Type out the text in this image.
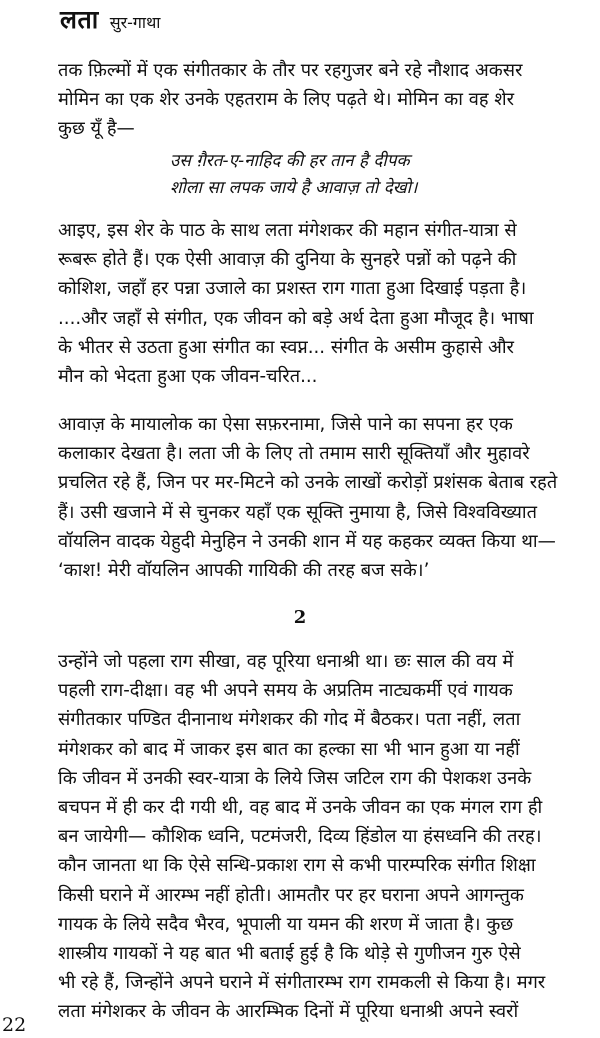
लता सुर-गाथा
तक फ़िल्मों में एक संगीतकार के तौर पर रहगुजर बने रहे नौशाद अकसर
मोमिन का एक शेर उनके एहतराम के लिए पढ़ते थे। मोमिन का वह शेर
कुछ यूँ है—
उस ग़ैरत-ए-नाहिद की हर तान है दीपक
शोला सा लपक जाये है आवाज़ तो देखो।
आइए, इस शेर के पाठ के साथ लता मंगेशकर की महान संगीत-यात्रा से
रूबरू होते हैं। एक ऐसी आवाज़ की दुनिया के सुनहरे पन्नों को पढ़ने की
कोशिश, जहाँ हर पन्ना उजाले का प्रशस्त राग गाता हुआ दिखाई पड़ता है।
....और जहाँ से संगीत, एक जीवन को बड़े अर्थ देता हुआ मौजूद है। भाषा
के भीतर से उठता हुआ संगीत का स्वप्न... संगीत के असीम कुहासे और
मौन को भेदता हुआ एक जीवन-चरित...
आवाज़ के मायालोक का ऐसा सफ़रनामा, जिसे पाने का सपना हर एक
कलाकार देखता है। लता जी के लिए तो तमाम सारी सूक्तियाँ और मुहावरे
प्रचलित रहे हैं, जिन पर मर-मिटने को उनके लाखों करोड़ों प्रशंसक बेताब रहते
हैं। उसी खजाने में से चुनकर यहाँ एक सूक्ति नुमाया है, जिसे विश्वविख्यात
वॉयलिन वादक येहुदी मेनुहिन ने उनकी शान में यह कहकर व्यक्त किया था—
‘काश! मेरी वॉयलिन आपकी गायिकी की तरह बज सके।’
2
उन्होंने जो पहला राग सीखा, वह पूरिया धनाश्री था। छः साल की वय में
पहली राग-दीक्षा। वह भी अपने समय के अप्रतिम नाट्यकर्मी एवं गायक
संगीतकार पण्डित दीनानाथ मंगेशकर की गोद में बैठकर। पता नहीं, लता
मंगेशकर को बाद में जाकर इस बात का हल्का सा भी भान हुआ या नहीं
कि जीवन में उनकी स्वर-यात्रा के लिये जिस जटिल राग की पेशकश उनके
बचपन में ही कर दी गयी थी, वह बाद में उनके जीवन का एक मंगल राग ही
बन जायेगी— कौशिक ध्वनि, पटमंजरी, दिव्य हिंडोल या हंसध्वनि की तरह।
कौन जानता था कि ऐसे सन्धि-प्रकाश राग से कभी पारम्परिक संगीत शिक्षा
किसी घराने में आरम्भ नहीं होती। आमतौर पर हर घराना अपने आगन्तुक
गायक के लिये सदैव भैरव, भूपाली या यमन की शरण में जाता है। कुछ
शास्त्रीय गायकों ने यह बात भी बताई हुई है कि थोड़े से गुणीजन गुरु ऐसे
भी रहे हैं, जिन्होंने अपने घराने में संगीतारम्भ राग रामकली से किया है। मगर
लता मंगेशकर के जीवन के आरम्भिक दिनों में पूरिया धनाश्री अपने स्वरों
22
